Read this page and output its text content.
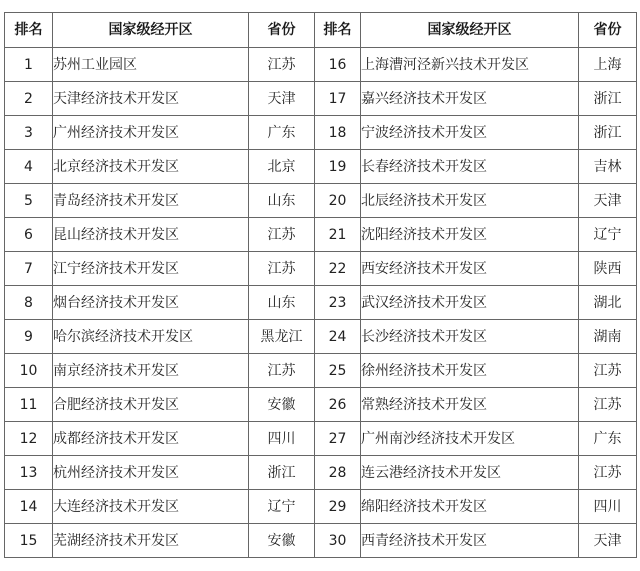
排名	国家级经开区	省份	排名	国家级经开区	省份
1	苏州工业园区	江苏	16	上海漕河泾新兴技术开发区	上海
2	天津经济技术开发区	天津	17	嘉兴经济技术开发区	浙江
3	广州经济技术开发区	广东	18	宁波经济技术开发区	浙江
4	北京经济技术开发区	北京	19	长春经济技术开发区	吉林
5	青岛经济技术开发区	山东	20	北辰经济技术开发区	天津
6	昆山经济技术开发区	江苏	21	沈阳经济技术开发区	辽宁
7	江宁经济技术开发区	江苏	22	西安经济技术开发区	陕西
8	烟台经济技术开发区	山东	23	武汉经济技术开发区	湖北
9	哈尔滨经济技术开发区	黑龙江	24	长沙经济技术开发区	湖南
10	南京经济技术开发区	江苏	25	徐州经济技术开发区	江苏
11	合肥经济技术开发区	安徽	26	常熟经济技术开发区	江苏
12	成都经济技术开发区	四川	27	广州南沙经济技术开发区	广东
13	杭州经济技术开发区	浙江	28	连云港经济技术开发区	江苏
14	大连经济技术开发区	辽宁	29	绵阳经济技术开发区	四川
15	芜湖经济技术开发区	安徽	30	西青经济技术开发区	天津
